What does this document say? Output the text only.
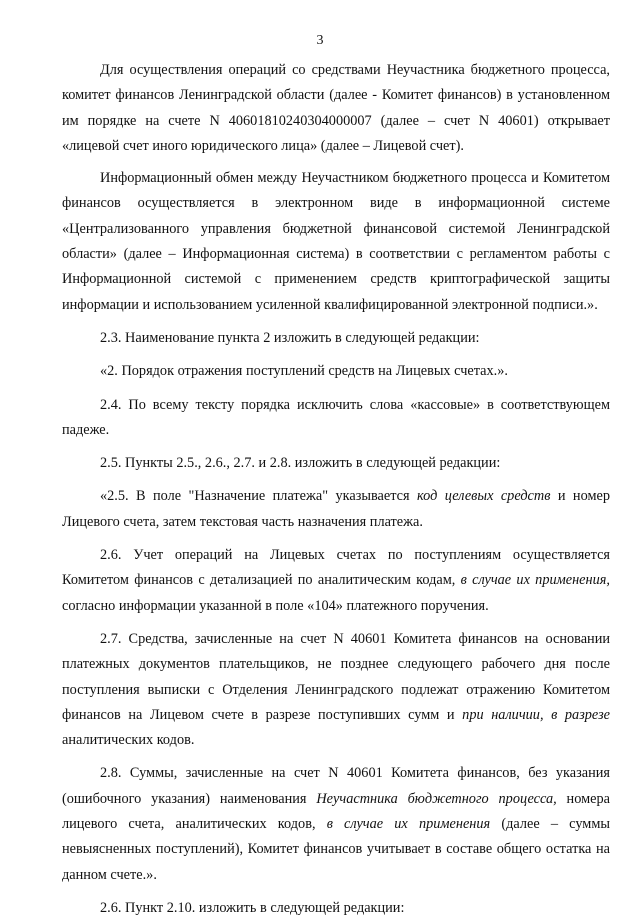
3

Для осуществления операций со средствами Неучастника бюджетного процесса, комитет финансов Ленинградской области (далее - Комитет финансов) в установленном им порядке на счете N 40601810240304000007 (далее – счет N 40601) открывает «лицевой счет иного юридического лица» (далее – Лицевой счет).

Информационный обмен между Неучастником бюджетного процесса и Комитетом финансов осуществляется в электронном виде в информационной системе «Централизованного управления бюджетной финансовой системой Ленинградской области» (далее – Информационная система) в соответствии с регламентом работы с Информационной системой с применением средств криптографической защиты информации и использованием усиленной квалифицированной электронной подписи.».

2.3. Наименование пункта 2 изложить в следующей редакции:

«2. Порядок отражения поступлений средств на Лицевых счетах.».

2.4. По всему тексту порядка исключить слова «кассовые» в соответствующем падеже.

2.5. Пункты 2.5., 2.6., 2.7. и 2.8. изложить в следующей редакции:

«2.5. В поле "Назначение платежа" указывается код целевых средств и номер Лицевого счета, затем текстовая часть назначения платежа.

2.6. Учет операций на Лицевых счетах по поступлениям осуществляется Комитетом финансов с детализацией по аналитическим кодам, в случае их применения, согласно информации указанной в поле «104» платежного поручения.

2.7. Средства, зачисленные на счет N 40601 Комитета финансов на основании платежных документов плательщиков, не позднее следующего рабочего дня после поступления выписки с Отделения Ленинградского подлежат отражению Комитетом финансов на Лицевом счете в разрезе поступивших сумм и при наличии, в разрезе аналитических кодов.

2.8. Суммы, зачисленные на счет N 40601 Комитета финансов, без указания (ошибочного указания) наименования Неучастника бюджетного процесса, номера лицевого счета, аналитических кодов, в случае их применения (далее – суммы невыясненных поступлений), Комитет финансов учитывает в составе общего остатка на данном счете.».

2.6. Пункт 2.10. изложить в следующей редакции:
